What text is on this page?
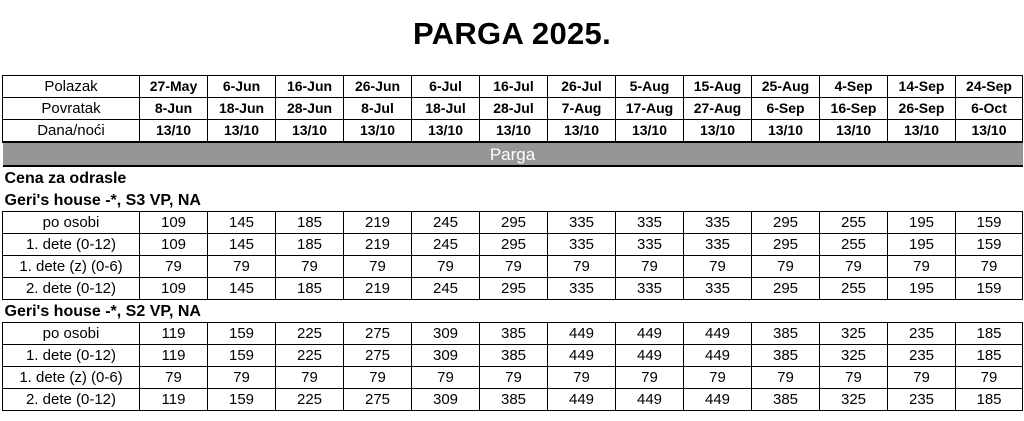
PARGA 2025.
Polazak	27-May	6-Jun	16-Jun	26-Jun	6-Jul	16-Jul	26-Jul	5-Aug	15-Aug	25-Aug	4-Sep	14-Sep	24-Sep
Povratak	8-Jun	18-Jun	28-Jun	8-Jul	18-Jul	28-Jul	7-Aug	17-Aug	27-Aug	6-Sep	16-Sep	26-Sep	6-Oct
Dana/noći	13/10	13/10	13/10	13/10	13/10	13/10	13/10	13/10	13/10	13/10	13/10	13/10	13/10
Parga													
Cena za odrasle													
Geri's house -*, S3 VP, NA													
po osobi	109	145	185	219	245	295	335	335	335	295	255	195	159
1. dete (0-12)	109	145	185	219	245	295	335	335	335	295	255	195	159
1. dete (z) (0-6)	79	79	79	79	79	79	79	79	79	79	79	79	79
2. dete (0-12)	109	145	185	219	245	295	335	335	335	295	255	195	159
Geri's house -*, S2 VP, NA													
po osobi	119	159	225	275	309	385	449	449	449	385	325	235	185
1. dete (0-12)	119	159	225	275	309	385	449	449	449	385	325	235	185
1. dete (z) (0-6)	79	79	79	79	79	79	79	79	79	79	79	79	79
2. dete (0-12)	119	159	225	275	309	385	449	449	449	385	325	235	185
